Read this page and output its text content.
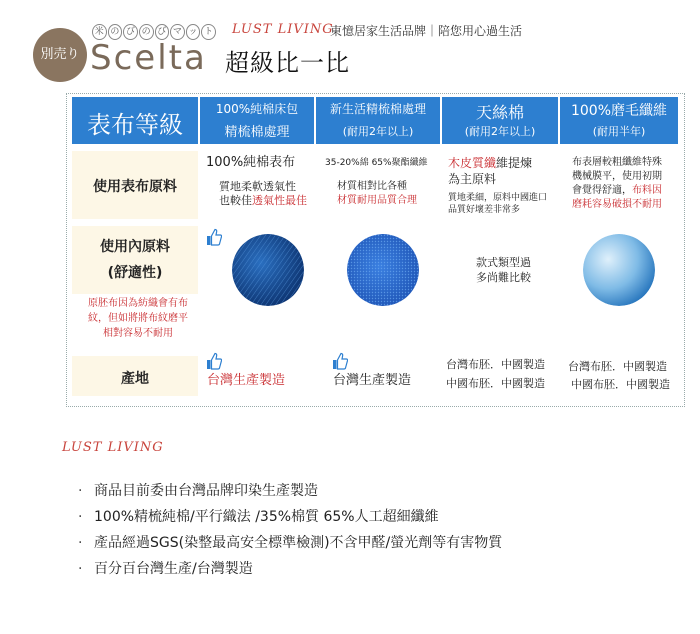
別売り
米 の び の び マ ッ ト
Scelta
LUST LIVING
東憶居家生活品牌｜陪您用心過生活
超級比一比
表布等級
100%純棉床包
精梳棉處理
新生活精梳棉處理
(耐用2年以上)
天絲棉
(耐用2年以上)
100%磨毛纖維
(耐用半年)
使用表布原料
100%純棉表布
質地柔軟透氣性
也較佳透氣性最佳
35-20%綿 65%聚酯纖維
材質相對比各種
材質耐用品質合理
木皮質纖維提煉
為主原料
質地柔細，原料中國進口
品質好壞差非常多
布表層較粗纖維特殊
機械膜平，使用初期
會覺得舒適，布料因
磨耗容易破損不耐用
使用內原料
(舒適性)
原胚布因為紡織會有布
紋，但如將將布紋磨平
相對容易不耐用
款式類型過
多尚難比較
產地	台灣生產製造	台灣生產製造
台灣布胚．中國製造
中國布胚．中國製造
台灣布胚．中國製造
中國布胚．中國製造
LUST LIVING
· 商品目前委由台灣品牌印染生產製造
· 100%精梳純棉/平行織法 /35%棉質 65%人工超細纖維
· 產品經過SGS(染整最高安全標準檢測)不含甲醛/螢光劑等有害物質
· 百分百台灣生產/台灣製造
